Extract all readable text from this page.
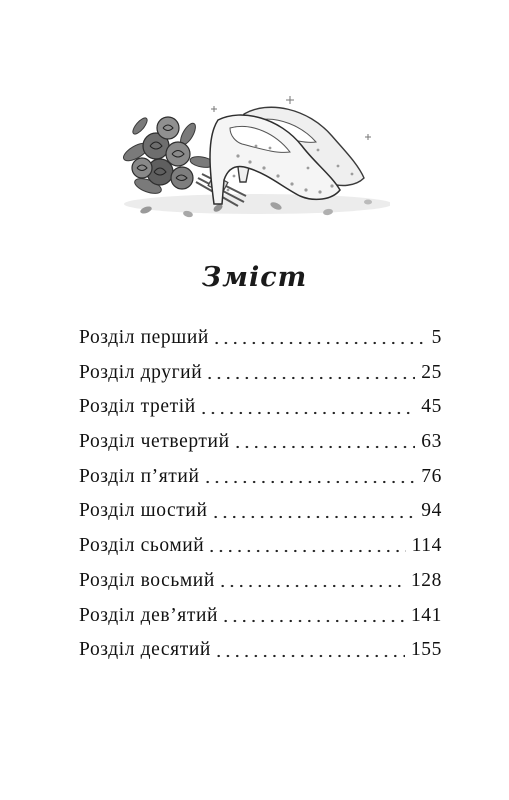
Зміст
Розділ перший	5
Розділ другий	25
Розділ третій	45
Розділ четвертий	63
Розділ п’ятий	76
Розділ шостий	94
Розділ сьомий	114
Розділ восьмий	128
Розділ дев’ятий	141
Розділ десятий	155
